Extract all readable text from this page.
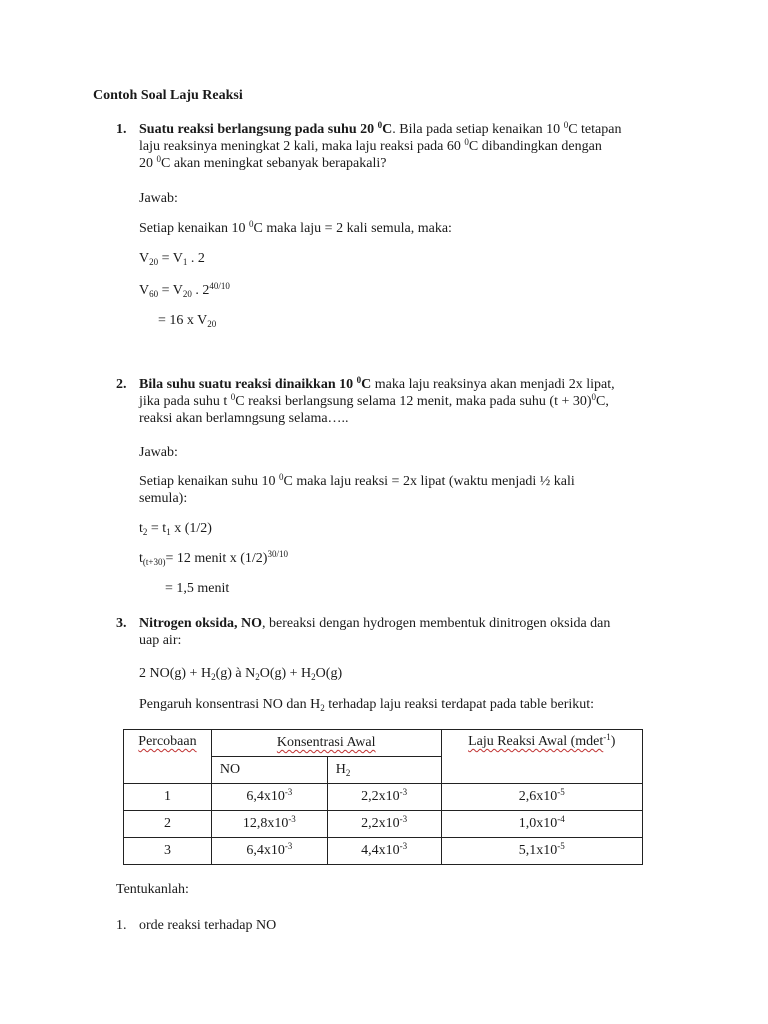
Contoh Soal Laju Reaksi
1. Suatu reaksi berlangsung pada suhu 20 $^0$C. Bila pada setiap kenaikan 10 $^0$C tetapan
laju reaksinya meningkat 2 kali, maka laju reaksi pada 60 $^0$C dibandingkan dengan
20 $^0$C akan meningkat sebanyak berapakali?
Jawab:
Setiap kenaikan 10 $^0$C maka laju = 2 kali semula, maka:
$V_{20} = V_1$ . 2
$V_{60} = V_{20}$ . $2^{40/10}$
= 16 x $V_{20}$
2. Bila suhu suatu reaksi dinaikkan 10 $^0$C maka laju reaksinya akan menjadi 2x lipat,
jika pada suhu t $^0$C reaksi berlangsung selama 12 menit, maka pada suhu $(t + 30)^0C$,
reaksi akan berlamngsung selama…..
Jawab:
Setiap kenaikan suhu 10 $^0$C maka laju reaksi = 2x lipat (waktu menjadi ½ kali
semula):
$t_2 = t_1$ x (1/2)
$t_{(t+30)}= 12$ menit x $(1/2)^{30/10}$
= 1,5 menit
3. Nitrogen oksida, NO, bereaksi dengan hydrogen membentuk dinitrogen oksida dan
uap air:
2 $NO(g) + H_2(g)$ à $N_2O(g) + H_2O(g)$
Pengaruh konsentrasi NO dan $H_2$ terhadap laju reaksi terdapat pada table berikut:
Percobaan	Konsentrasi Awal		Laju Reaksi Awal (mdet$^{-1}$)
	NO	$H_2$
1	$6,4x10^{-3}$	$2,2x10^{-3}$	$2,6x10^{-5}$
2	$12,8x10^{-3}$	$2,2x10^{-3}$	$1,0x10^{-4}$
3	$6,4x10^{-3}$	$4,4x10^{-3}$	$5,1x10^{-5}$
Tentukanlah:
1. orde reaksi terhadap NO
